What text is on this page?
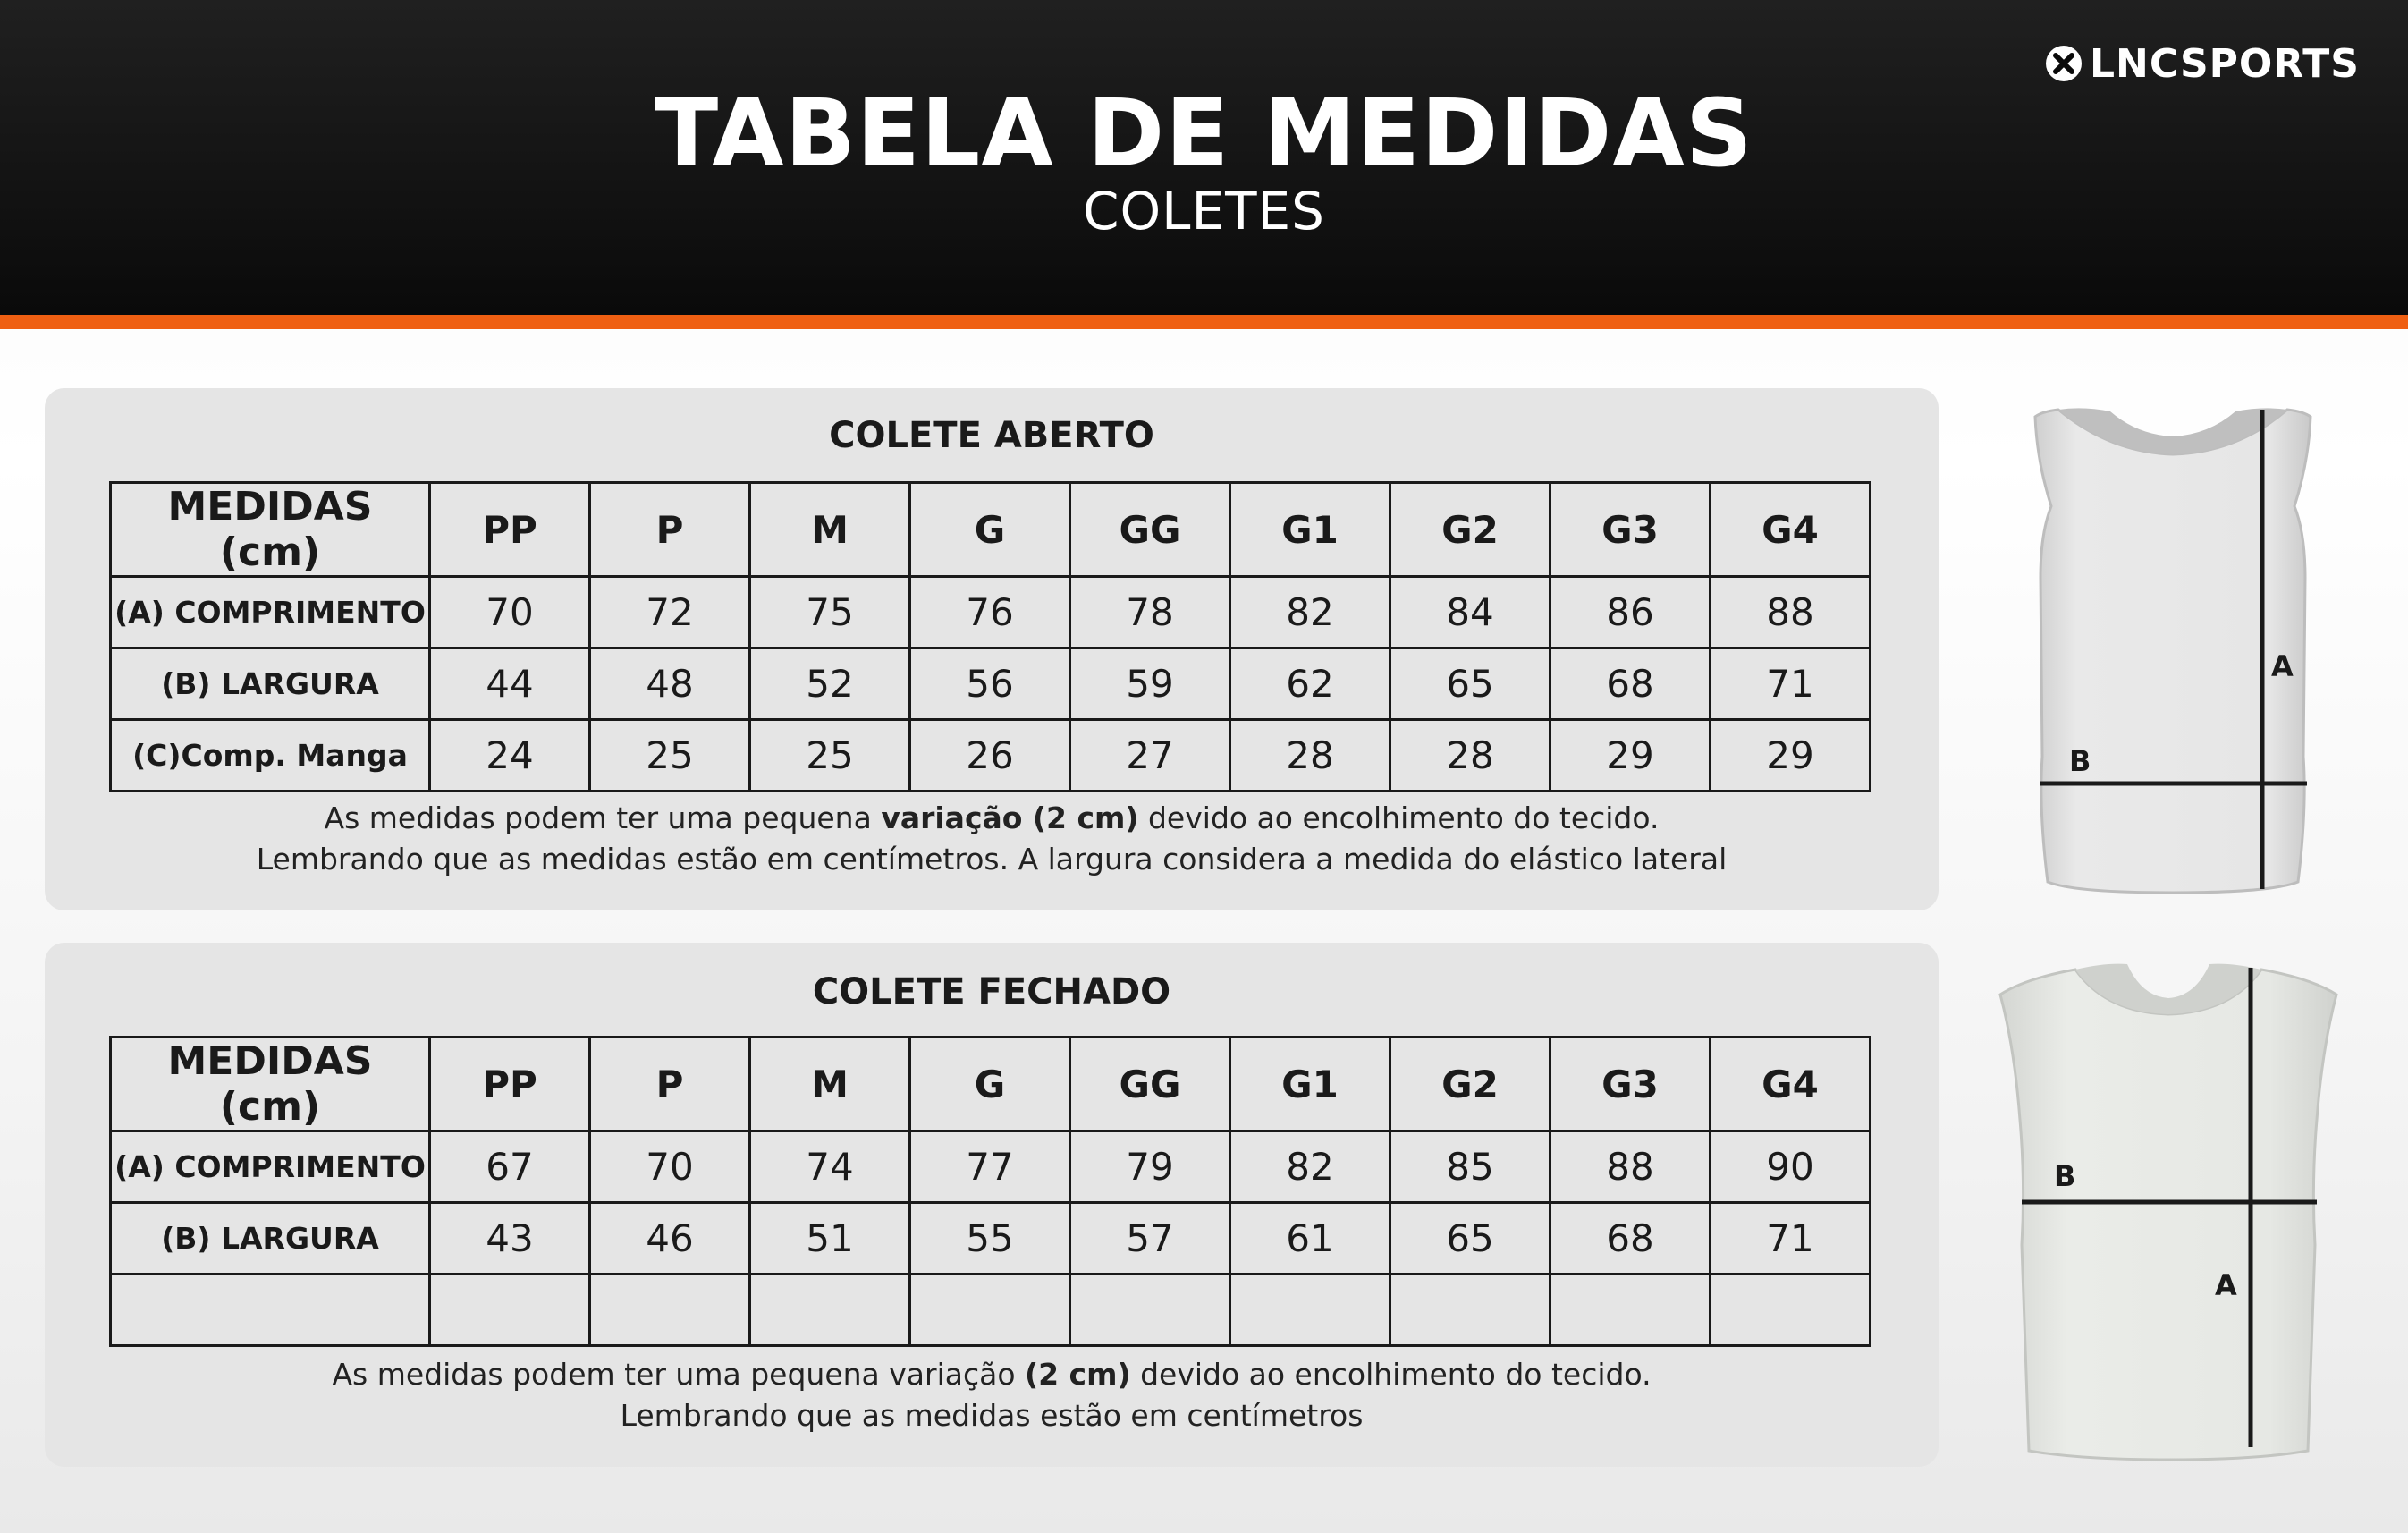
TABELA DE MEDIDAS
COLETES
LNCSPORTS
COLETE ABERTO
MEDIDAS (cm)	PP	P	M	G	GG	G1	G2	G3	G4
(A) COMPRIMENTO	70	72	75	76	78	82	84	86	88
(B) LARGURA	44	48	52	56	59	62	65	68	71
(C)Comp. Manga	24	25	25	26	27	28	28	29	29
As medidas podem ter uma pequena variação (2 cm) devido ao encolhimento do tecido.
Lembrando que as medidas estão em centímetros. A largura considera a medida do elástico lateral
COLETE FECHADO
MEDIDAS (cm)	PP	P	M	G	GG	G1	G2	G3	G4
(A) COMPRIMENTO	67	70	74	77	79	82	85	88	90
(B) LARGURA	43	46	51	55	57	61	65	68	71

As medidas podem ter uma pequena variação (2 cm) devido ao encolhimento do tecido.
Lembrando que as medidas estão em centímetros
A
B
A
B
